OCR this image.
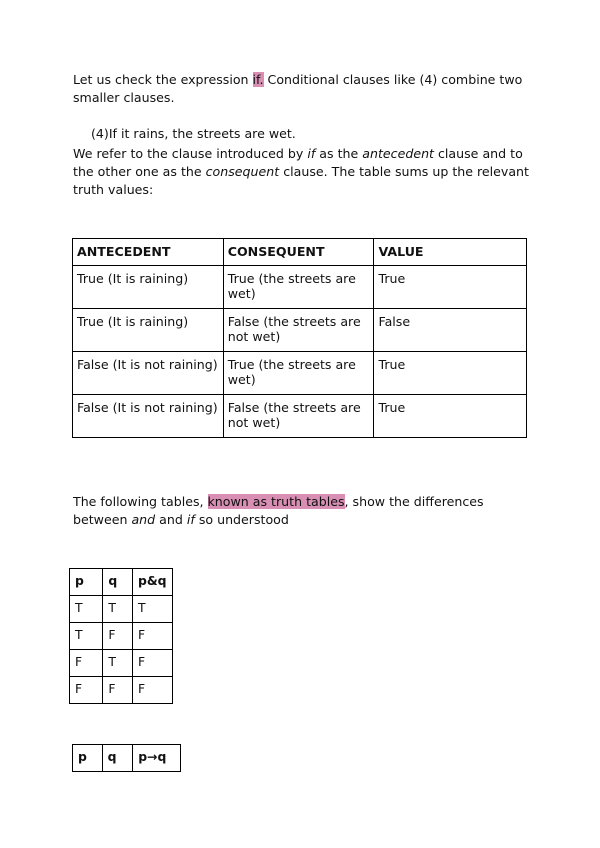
Let us check the expression if. Conditional clauses like (4) combine two smaller clauses.

(4)If it rains, the streets are wet.

We refer to the clause introduced by if as the antecedent clause and to the other one as the consequent clause. The table sums up the relevant truth values:

ANTECEDENT	CONSEQUENT	VALUE
True (It is raining)	True (the streets are wet)	True
True (It is raining)	False (the streets are not wet)	False
False (It is not raining)	True (the streets are wet)	True
False (It is not raining)	False (the streets are not wet)	True

The following tables, known as truth tables, show the differences between and and if so understood

p	q	p&q
T	T	T
T	F	F
F	T	F
F	F	F
p	q	p→q
